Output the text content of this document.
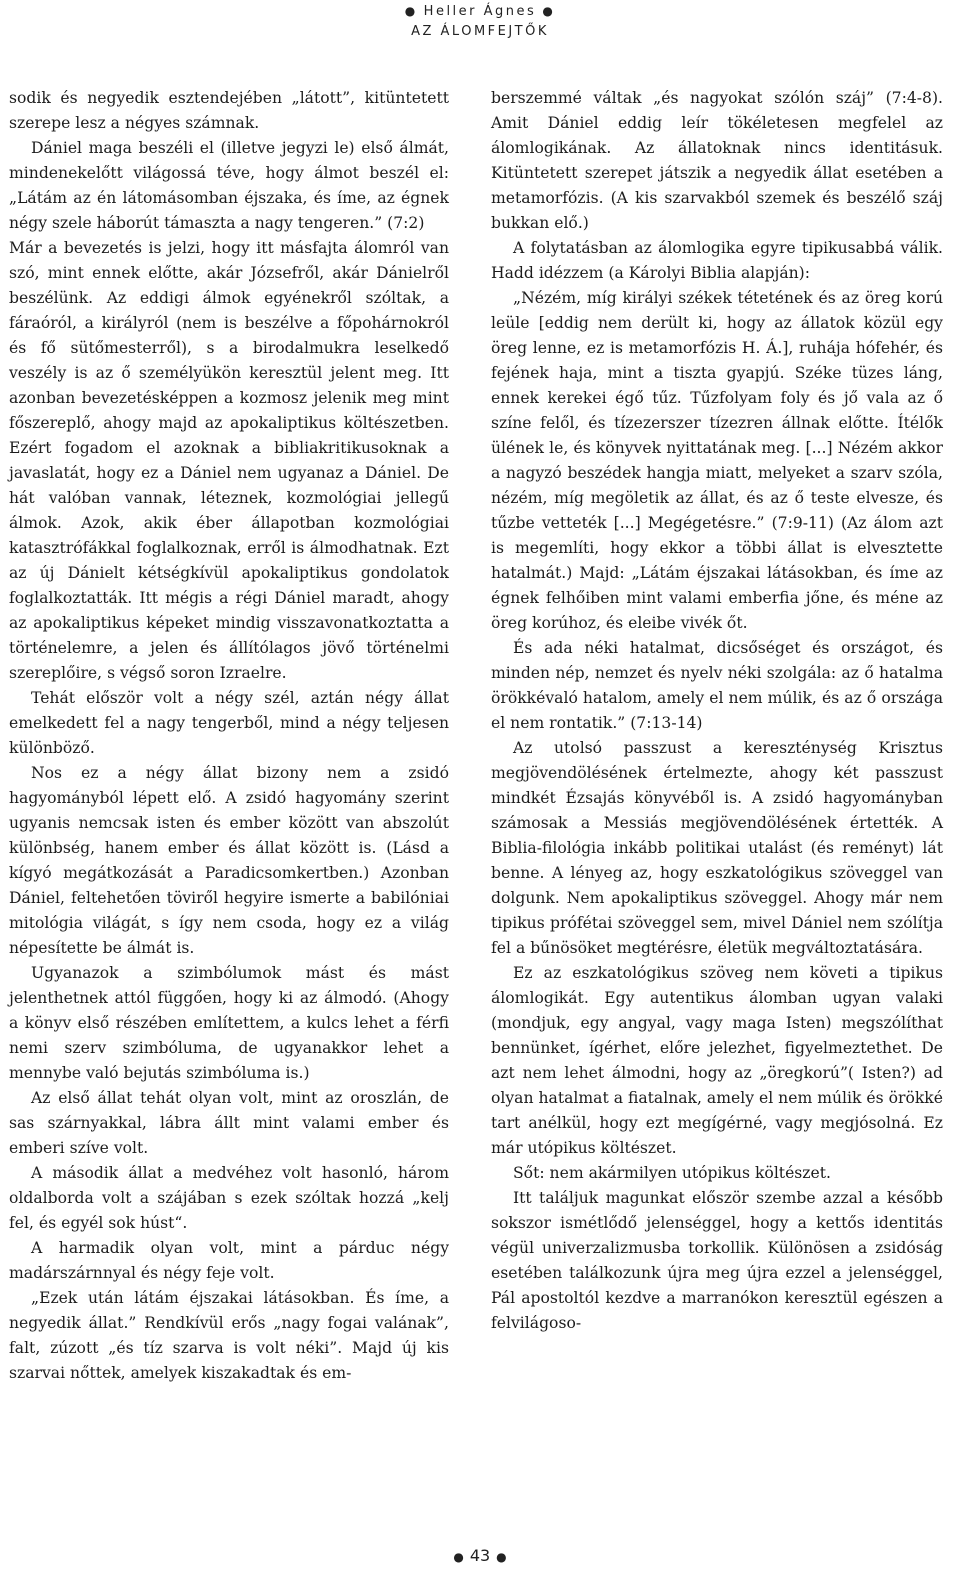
● Heller Ágnes ●
AZ ÁLOMFEJTŐK

sodik és negyedik esztendejében „látott”, kitüntetett szerepe lesz a négyes számnak.

Dániel maga beszéli el (illetve jegyzi le) első álmát, mindenekelőtt világossá téve, hogy álmot beszél el: „Látám az én látomásomban éjszaka, és íme, az égnek négy szele háborút támaszta a nagy tengeren.” (7:2)

Már a bevezetés is jelzi, hogy itt másfajta álomról van szó, mint ennek előtte, akár Józsefről, akár Dánielről beszélünk. Az eddigi álmok egyénekről szóltak, a fáraóról, a királyról (nem is beszélve a főpohárnokról és fő sütőmesterről), s a birodalmukra leselkedő veszély is az ő személyükön keresztül jelent meg. Itt azonban bevezetésképpen a kozmosz jelenik meg mint főszereplő, ahogy majd az apokaliptikus költészetben. Ezért fogadom el azoknak a bibliakritikusoknak a javaslatát, hogy ez a Dániel nem ugyanaz a Dániel. De hát valóban vannak, léteznek, kozmológiai jellegű álmok. Azok, akik éber állapotban kozmológiai katasztrófákkal foglalkoznak, erről is álmodhatnak. Ezt az új Dánielt kétségkívül apokaliptikus gondolatok foglalkoztatták. Itt mégis a régi Dániel maradt, ahogy az apokaliptikus képeket mindig visszavonatkoztatta a történelemre, a jelen és állítólagos jövő történelmi szereplőire, s végső soron Izraelre.

Tehát először volt a négy szél, aztán négy állat emelkedett fel a nagy tengerből, mind a négy teljesen különböző.

Nos ez a négy állat bizony nem a zsidó hagyományból lépett elő. A zsidó hagyomány szerint ugyanis nemcsak isten és ember között van abszolút különbség, hanem ember és állat között is. (Lásd a kígyó megátkozását a Paradicsomkertben.) Azonban Dániel, feltehetően töviről hegyire ismerte a babilóniai mitológia világát, s így nem csoda, hogy ez a világ népesítette be álmát is.

Ugyanazok a szimbólumok mást és mást jelenthetnek attól függően, hogy ki az álmodó. (Ahogy a könyv első részében említettem, a kulcs lehet a férfi nemi szerv szimbóluma, de ugyanakkor lehet a mennybe való bejutás szimbóluma is.)

Az első állat tehát olyan volt, mint az oroszlán, de sas szárnyakkal, lábra állt mint valami ember és emberi szíve volt.

A második állat a medvéhez volt hasonló, három oldalborda volt a szájában s ezek szóltak hozzá „kelj fel, és egyél sok húst“.

A harmadik olyan volt, mint a párduc négy madárszárnnyal és négy feje volt.

„Ezek után látám éjszakai látásokban. És íme, a negyedik állat.” Rendkívül erős „nagy fogai valának”, falt, zúzott „és tíz szarva is volt néki”. Majd új kis szarvai nőttek, amelyek kiszakadtak és em-

berszemmé váltak „és nagyokat szólón száj” (7:4-8). Amit Dániel eddig leír tökéletesen megfelel az álomlogikának. Az állatoknak nincs identitásuk. Kitüntetett szerepet játszik a negyedik állat esetében a metamorfózis. (A kis szarvakból szemek és beszélő száj bukkan elő.)

A folytatásban az álomlogika egyre tipikusabbá válik. Hadd idézzem (a Károlyi Biblia alapján):

„Nézém, míg királyi székek tétetének és az öreg korú leüle [eddig nem derült ki, hogy az állatok közül egy öreg lenne, ez is metamorfózis H. Á.], ruhája hófehér, és fejének haja, mint a tiszta gyapjú. Széke tüzes láng, ennek kerekei égő tűz. Tűzfolyam foly és jő vala az ő színe felől, és tízezerszer tízezren állnak előtte. Ítélők ülének le, és könyvek nyittatának meg. [...] Nézém akkor a nagyzó beszédek hangja miatt, melyeket a szarv szóla, nézém, míg megöletik az állat, és az ő teste elvesze, és tűzbe vetteték [...] Megégetésre.” (7:9-11) (Az álom azt is megemlíti, hogy ekkor a többi állat is elvesztette hatalmát.) Majd: „Látám éjszakai látásokban, és íme az égnek felhőiben mint valami emberfia jőne, és méne az öreg korúhoz, és eleibe vivék őt.

És ada néki hatalmat, dicsőséget és országot, és minden nép, nemzet és nyelv néki szolgála: az ő hatalma örökkévaló hatalom, amely el nem múlik, és az ő országa el nem rontatik.” (7:13-14)

Az utolsó passzust a kereszténység Krisztus megjövendölésének értelmezte, ahogy két passzust mindkét Ézsajás könyvéből is. A zsidó hagyományban számosak a Messiás megjövendölésének értették. A Biblia-filológia inkább politikai utalást (és reményt) lát benne. A lényeg az, hogy eszkatológikus szöveggel van dolgunk. Nem apokaliptikus szöveggel. Ahogy már nem tipikus prófétai szöveggel sem, mivel Dániel nem szólítja fel a bűnösöket megtérésre, életük megváltoztatására.

Ez az eszkatológikus szöveg nem követi a tipikus álomlogikát. Egy autentikus álomban ugyan valaki (mondjuk, egy angyal, vagy maga Isten) megszólíthat bennünket, ígérhet, előre jelezhet, figyelmeztethet. De azt nem lehet álmodni, hogy az „öregkorú”( Isten?) ad olyan hatalmat a fiatalnak, amely el nem múlik és örökké tart anélkül, hogy ezt megígérné, vagy megjósolná. Ez már utópikus költészet.

Sőt: nem akármilyen utópikus költészet.

Itt találjuk magunkat először szembe azzal a később sokszor ismétlődő jelenséggel, hogy a kettős identitás végül univerzalizmusba torkollik. Különösen a zsidóság esetében találkozunk újra meg újra ezzel a jelenséggel, Pál apostoltól kezdve a marranókon keresztül egészen a felvilágoso-

● 43 ●
